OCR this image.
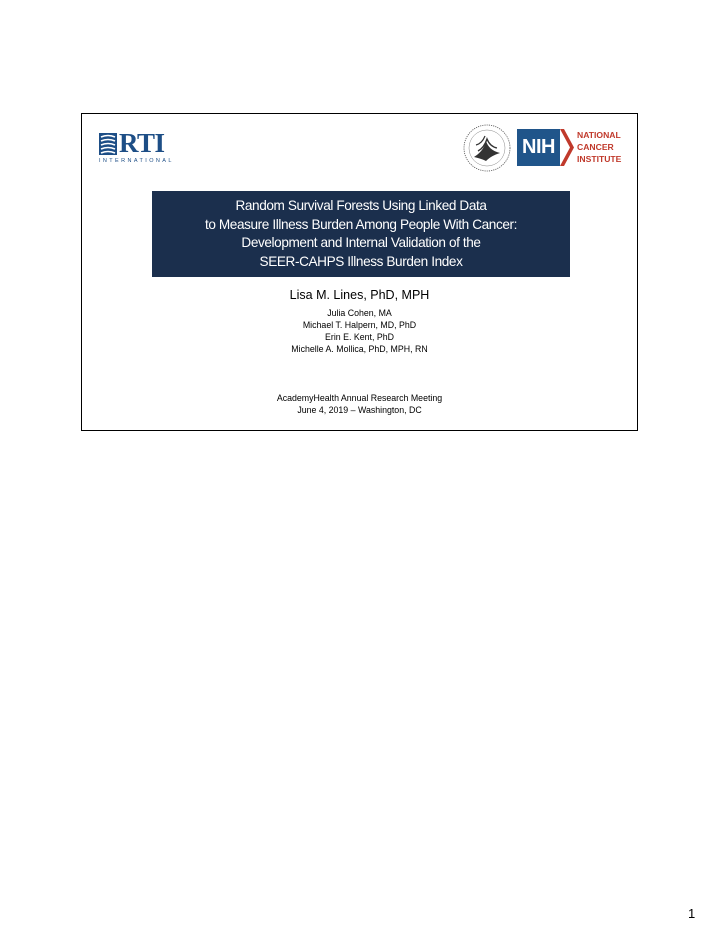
RTI
INTERNATIONAL
NIH
NATIONAL
CANCER
INSTITUTE
Random Survival Forests Using Linked Data
to Measure Illness Burden Among People With Cancer:
Development and Internal Validation of the
SEER-CAHPS Illness Burden Index
Lisa M. Lines, PhD, MPH
Julia Cohen, MA
Michael T. Halpern, MD, PhD
Erin E. Kent, PhD
Michelle A. Mollica, PhD, MPH, RN
AcademyHealth Annual Research Meeting
June 4, 2019 – Washington, DC
1
